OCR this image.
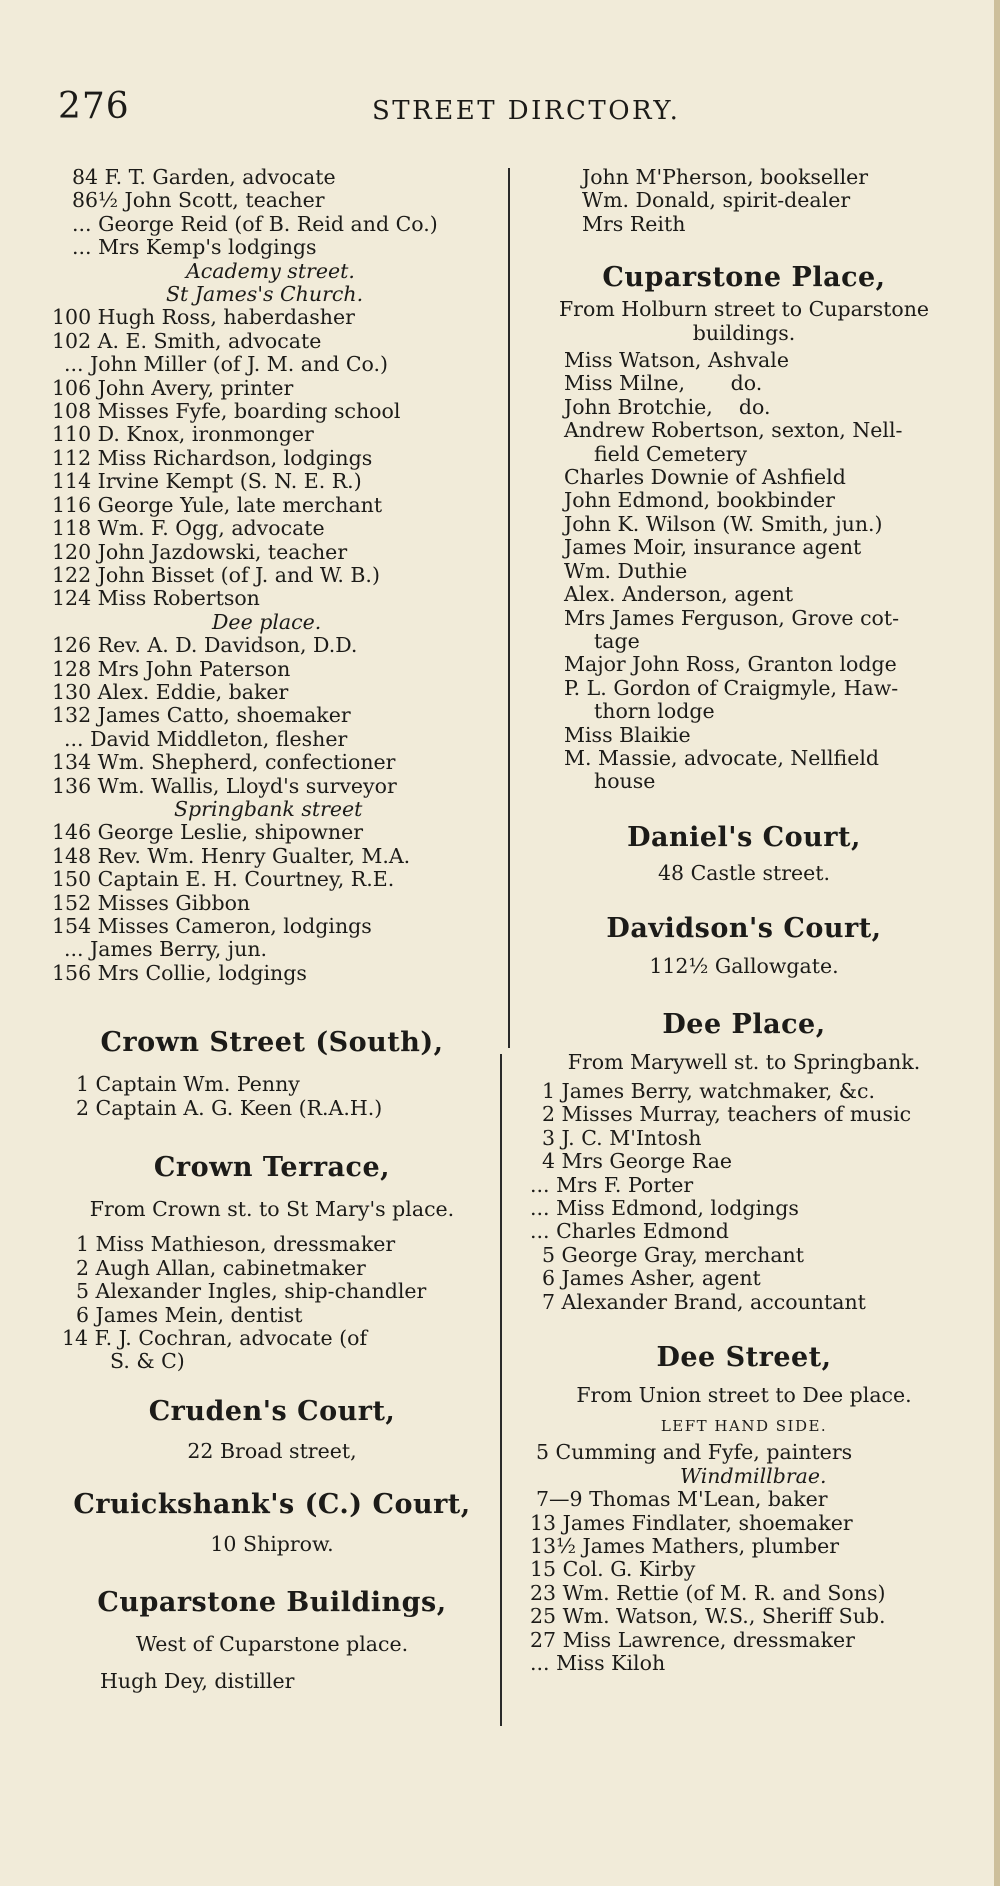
276	STREET DIRCTORY.
84 F. T. Garden, advocate
86½ John Scott, teacher
... George Reid (of B. Reid and Co.)
... Mrs Kemp's lodgings
Academy street.
St James's Church.
100 Hugh Ross, haberdasher
102 A. E. Smith, advocate
... John Miller (of J. M. and Co.)
106 John Avery, printer
108 Misses Fyfe, boarding school
110 D. Knox, ironmonger
112 Miss Richardson, lodgings
114 Irvine Kempt (S. N. E. R.)
116 George Yule, late merchant
118 Wm. F. Ogg, advocate
120 John Jazdowski, teacher
122 John Bisset (of J. and W. B.)
124 Miss Robertson
Dee place.
126 Rev. A. D. Davidson, D.D.
128 Mrs John Paterson
130 Alex. Eddie, baker
132 James Catto, shoemaker
... David Middleton, flesher
134 Wm. Shepherd, confectioner
136 Wm. Wallis, Lloyd's surveyor
Springbank street
146 George Leslie, shipowner
148 Rev. Wm. Henry Gualter, M.A.
150 Captain E. H. Courtney, R.E.
152 Misses Gibbon
154 Misses Cameron, lodgings
... James Berry, jun.
156 Mrs Collie, lodgings
Crown Street (South),
1 Captain Wm. Penny
2 Captain A. G. Keen (R.A.H.)
Crown Terrace,
From Crown st. to St Mary's place.
1 Miss Mathieson, dressmaker
2 Augh Allan, cabinetmaker
5 Alexander Ingles, ship-chandler
6 James Mein, dentist
14 F. J. Cochran, advocate (of
S. & C)
Cruden's Court,
22 Broad street,
Cruickshank's (C.) Court,
10 Shiprow.
Cuparstone Buildings,
West of Cuparstone place.
Hugh Dey, distiller
John M'Pherson, bookseller
Wm. Donald, spirit-dealer
Mrs Reith
Cuparstone Place,
From Holburn street to Cuparstone
buildings.
Miss Watson, Ashvale
Miss Milne,       do.
John Brotchie,    do.
Andrew Robertson, sexton, Nell-
field Cemetery
Charles Downie of Ashfield
John Edmond, bookbinder
John K. Wilson (W. Smith, jun.)
James Moir, insurance agent
Wm. Duthie
Alex. Anderson, agent
Mrs James Ferguson, Grove cot-
tage
Major John Ross, Granton lodge
P. L. Gordon of Craigmyle, Haw-
thorn lodge
Miss Blaikie
M. Massie, advocate, Nellfield
house
Daniel's Court,
48 Castle street.
Davidson's Court,
112½ Gallowgate.
Dee Place,
From Marywell st. to Springbank.
1 James Berry, watchmaker, &c.
2 Misses Murray, teachers of music
3 J. C. M'Intosh
4 Mrs George Rae
... Mrs F. Porter
... Miss Edmond, lodgings
... Charles Edmond
5 George Gray, merchant
6 James Asher, agent
7 Alexander Brand, accountant
Dee Street,
From Union street to Dee place.
LEFT HAND SIDE.
5 Cumming and Fyfe, painters
Windmillbrae.
7—9 Thomas M'Lean, baker
13 James Findlater, shoemaker
13½ James Mathers, plumber
15 Col. G. Kirby
23 Wm. Rettie (of M. R. and Sons)
25 Wm. Watson, W.S., Sheriff Sub.
27 Miss Lawrence, dressmaker
... Miss Kiloh
